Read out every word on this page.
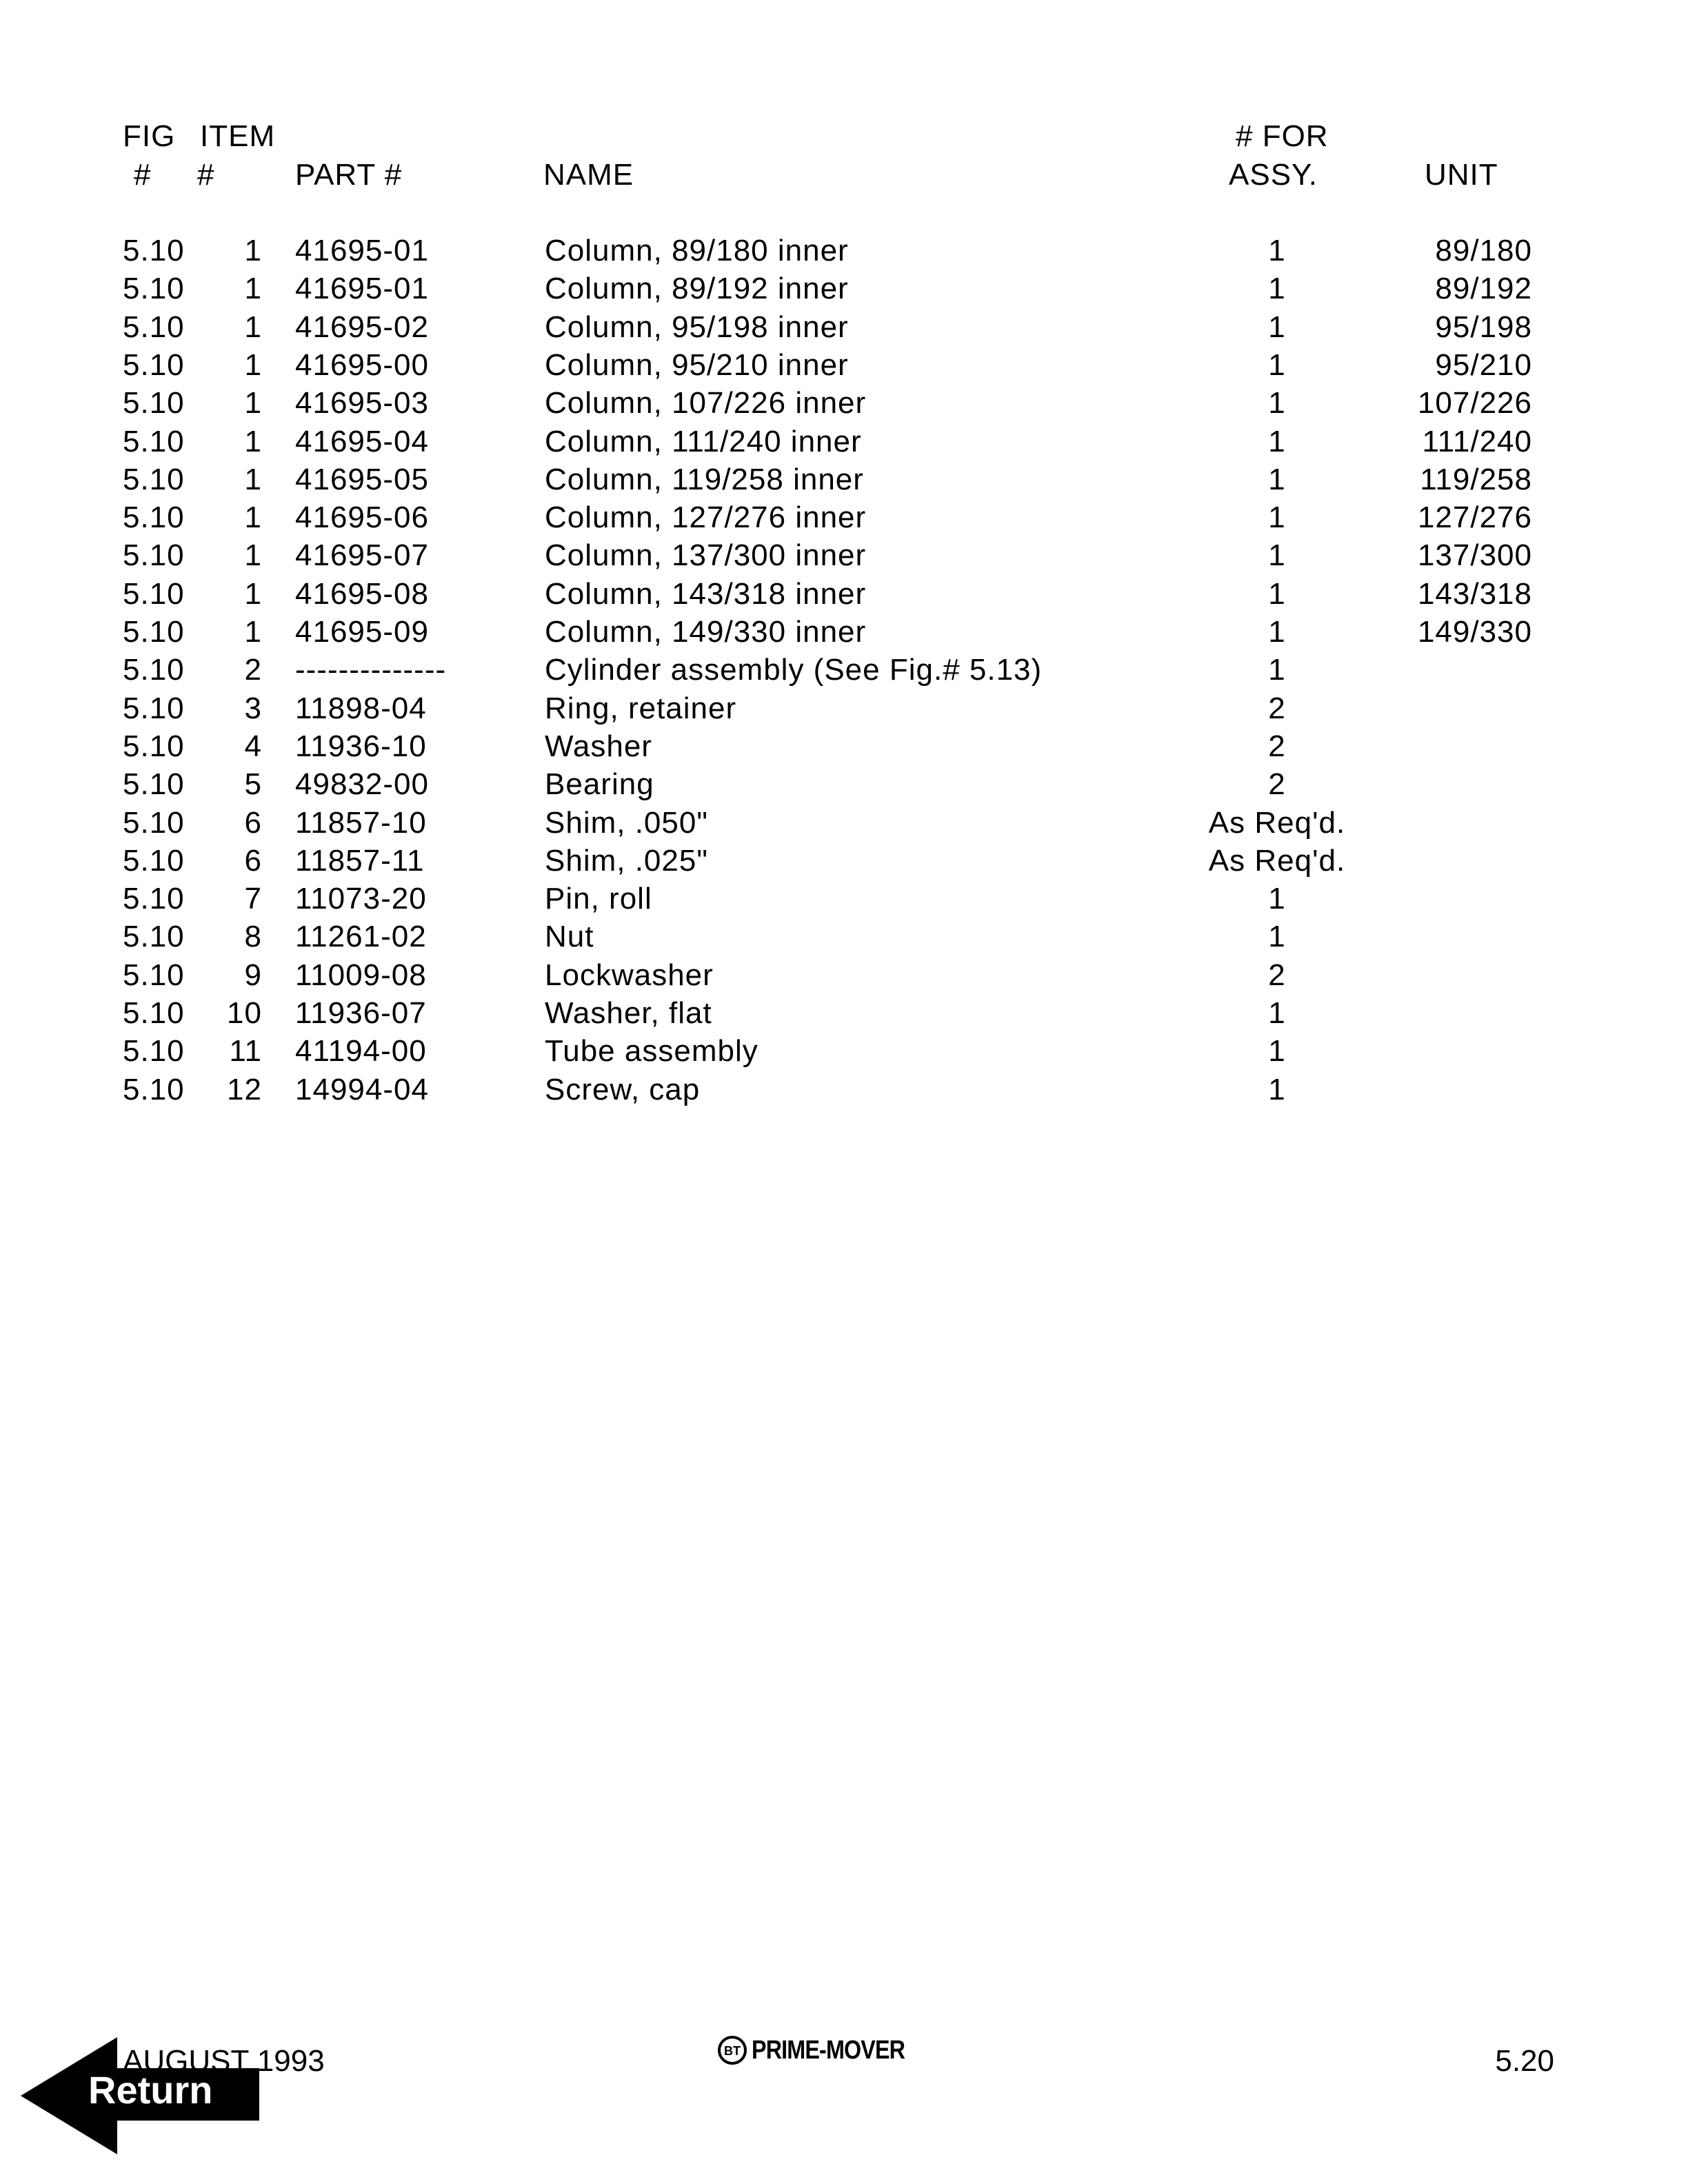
FIG ITEM	# FOR
# #	PART #	NAME	ASSY.	UNIT
5.10 1 41695-01	Column, 89/180 inner	1	89/180
5.10 1 41695-01	Column, 89/192 inner	1	89/192
5.10 1 41695-02	Column, 95/198 inner	1	95/198
5.10 1 41695-00	Column, 95/210 inner	1	95/210
5.10 1 41695-03	Column, 107/226 inner	1	107/226
5.10 1 41695-04	Column, 111/240 inner	1	111/240
5.10 1 41695-05	Column, 119/258 inner	1	119/258
5.10 1 41695-06	Column, 127/276 inner	1	127/276
5.10 1 41695-07	Column, 137/300 inner	1	137/300
5.10 1 41695-08	Column, 143/318 inner	1	143/318
5.10 1 41695-09	Column, 149/330 inner	1	149/330
5.10 2 --------------	Cylinder assembly (See Fig.# 5.13)	1
5.10 3 11898-04	Ring, retainer	2
5.10 4 11936-10	Washer	2
5.10 5 49832-00	Bearing	2
5.10 6 11857-10	Shim, .050"	As Req'd.
5.10 6 11857-11	Shim, .025"	As Req'd.
5.10 7 11073-20	Pin, roll	1
5.10 8 11261-02	Nut	1
5.10 9 11009-08	Lockwasher	2
5.10 10 11936-07	Washer, flat	1
5.10 11 41194-00	Tube assembly	1
5.10 12 14994-04	Screw, cap	1
Return
AUGUST 1993	BT PRIME-MOVER	5.20
